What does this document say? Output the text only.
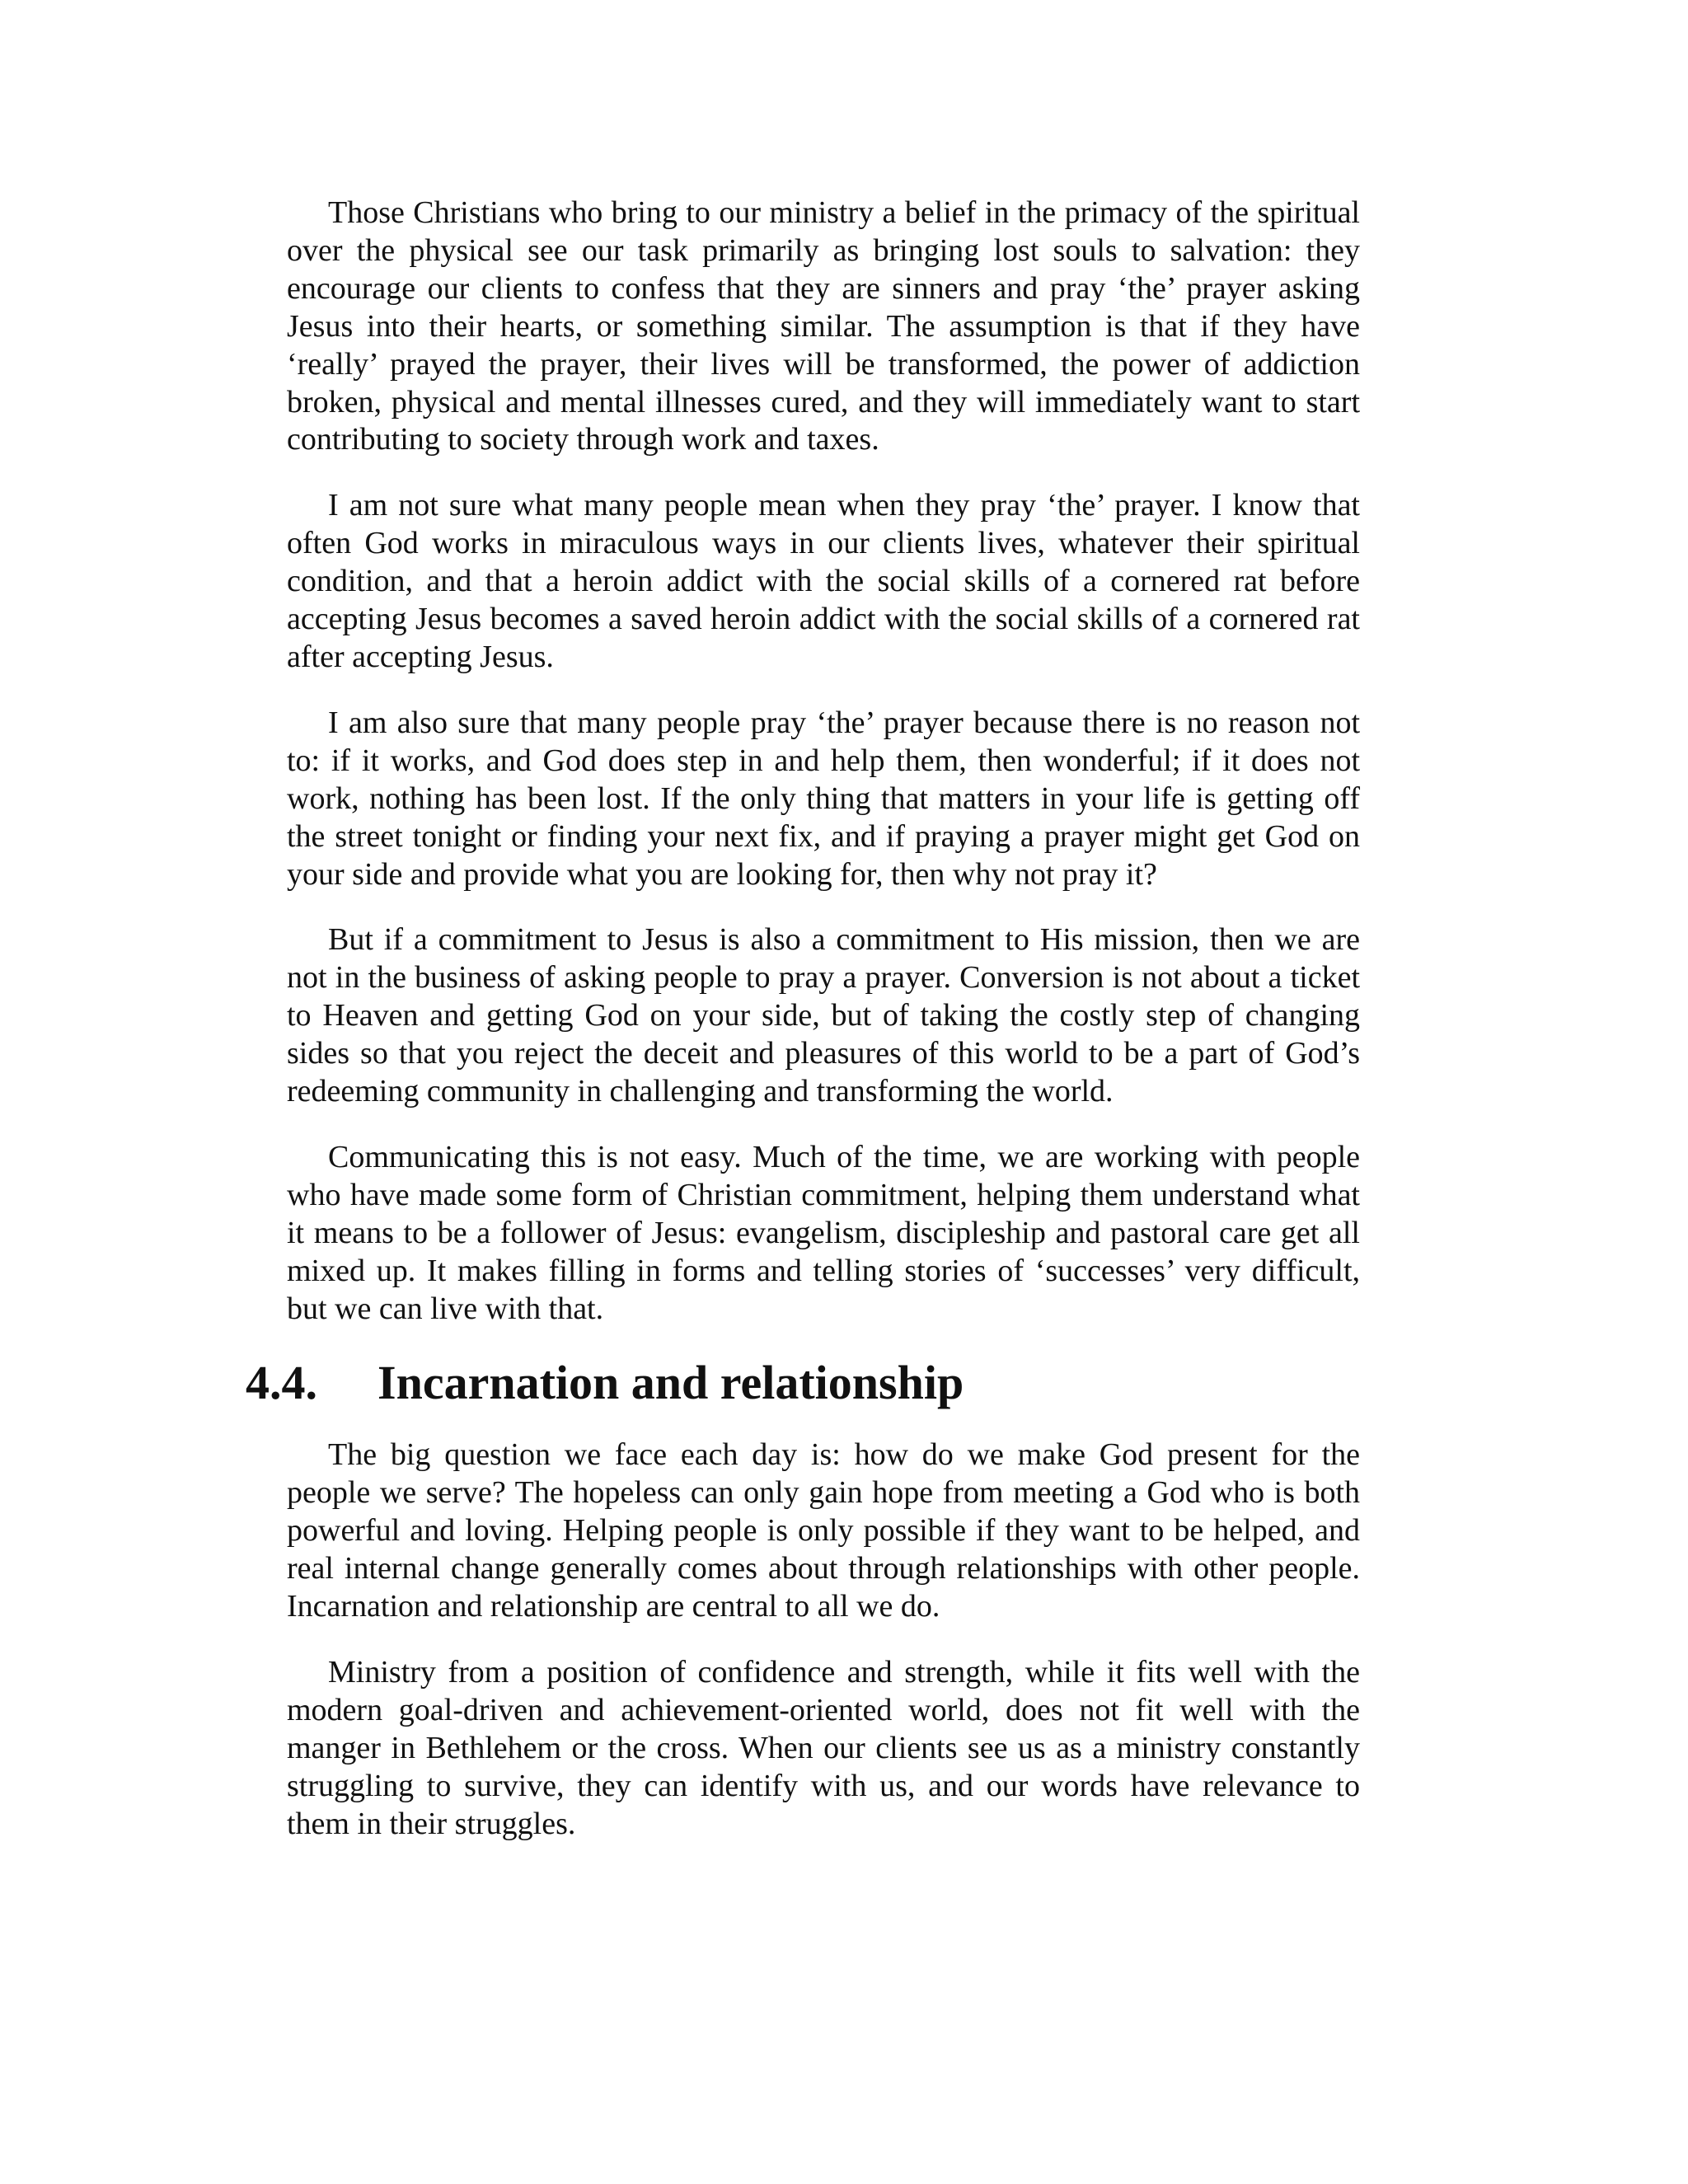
Those Christians who bring to our ministry a belief in the primacy of the spiritual over the physical see our task primarily as bringing lost souls to salvation: they encourage our clients to confess that they are sinners and pray ‘the’ prayer asking Jesus into their hearts, or something similar. The assumption is that if they have ‘really’ prayed the prayer, their lives will be transformed, the power of addiction broken, physical and mental illnesses cured, and they will immediately want to start contributing to society through work and taxes.

I am not sure what many people mean when they pray ‘the’ prayer. I know that often God works in miraculous ways in our clients lives, whatever their spiritual condition, and that a heroin addict with the social skills of a cornered rat before accepting Jesus becomes a saved heroin addict with the social skills of a cornered rat after accepting Jesus.

I am also sure that many people pray ‘the’ prayer because there is no reason not to: if it works, and God does step in and help them, then wonderful; if it does not work, nothing has been lost. If the only thing that matters in your life is getting off the street tonight or finding your next fix, and if praying a prayer might get God on your side and provide what you are looking for, then why not pray it?

But if a commitment to Jesus is also a commitment to His mission, then we are not in the business of asking people to pray a prayer. Conversion is not about a ticket to Heaven and getting God on your side, but of taking the costly step of changing sides so that you reject the deceit and pleasures of this world to be a part of God’s redeeming community in challenging and transforming the world.

Communicating this is not easy. Much of the time, we are working with people who have made some form of Christian commitment, helping them understand what it means to be a follower of Jesus: evangelism, discipleship and pastoral care get all mixed up. It makes filling in forms and telling stories of ‘successes’ very difficult, but we can live with that.

4.4.	Incarnation and relationship

The big question we face each day is: how do we make God present for the people we serve? The hopeless can only gain hope from meeting a God who is both powerful and loving. Helping people is only possible if they want to be helped, and real internal change generally comes about through relationships with other people. Incarnation and relationship are central to all we do.

Ministry from a position of confidence and strength, while it fits well with the modern goal-driven and achievement-oriented world, does not fit well with the manger in Bethlehem or the cross. When our clients see us as a ministry constantly struggling to survive, they can identify with us, and our words have relevance to them in their struggles.
